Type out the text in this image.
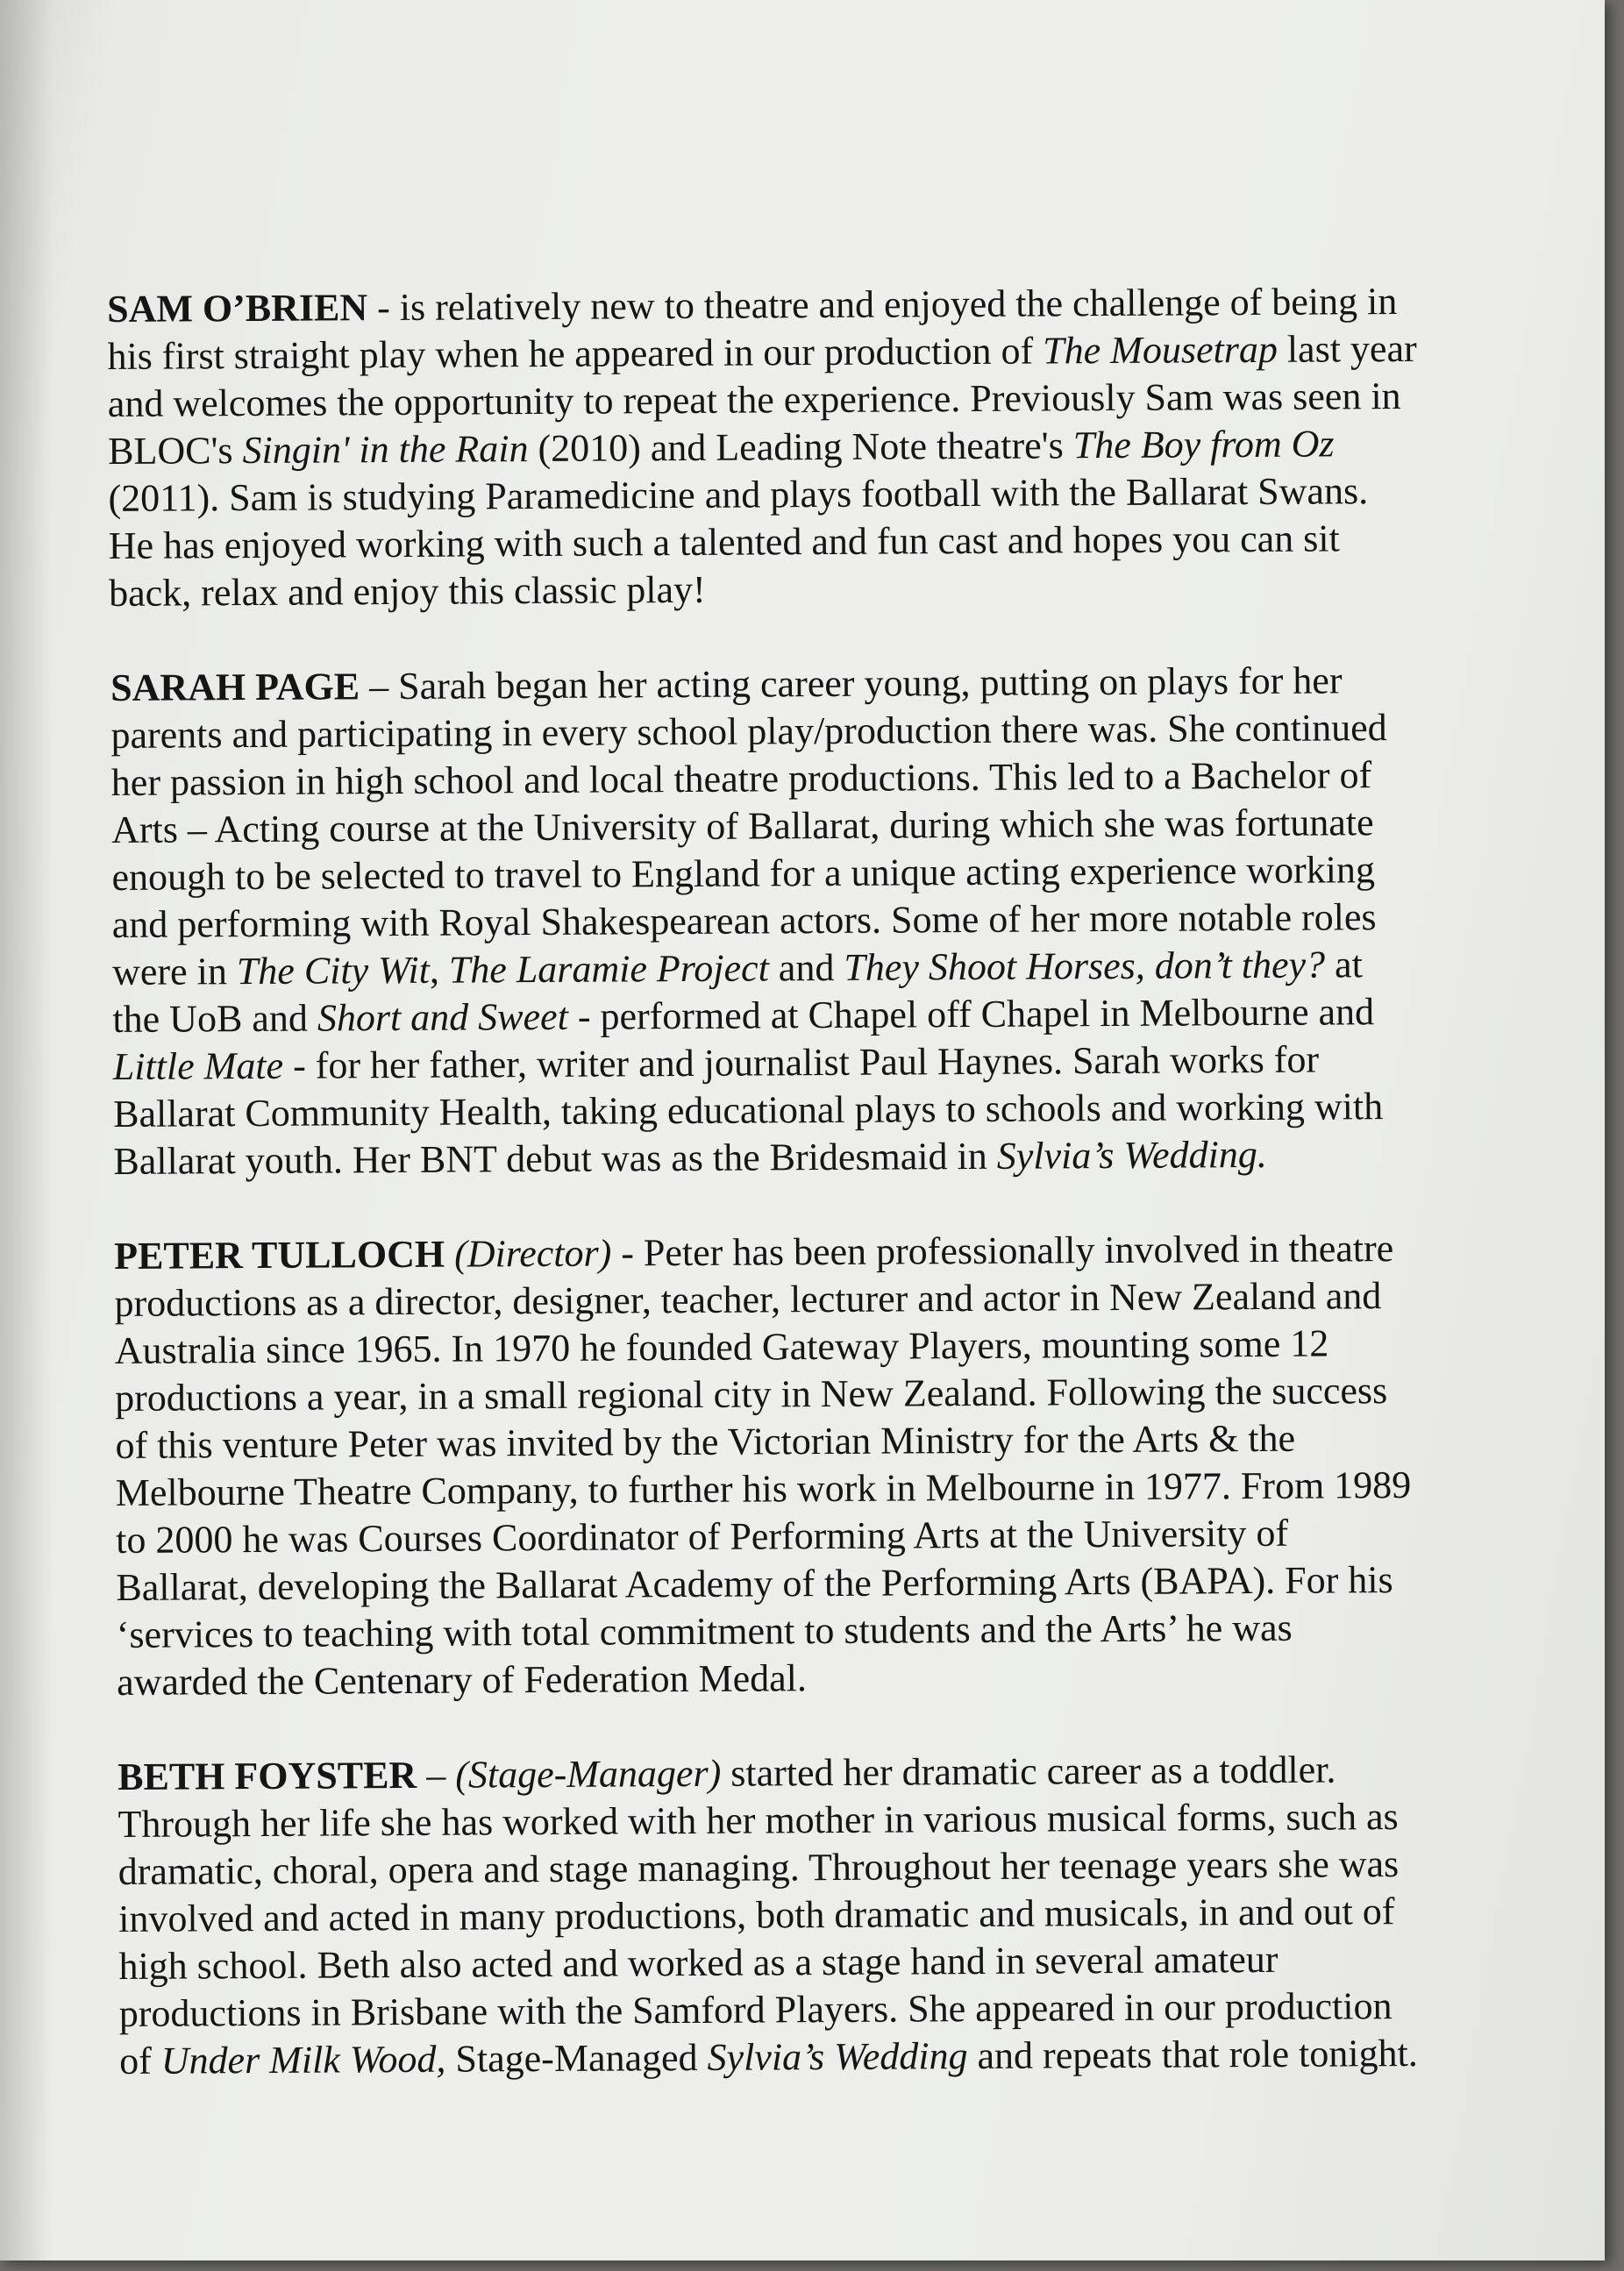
SAM O’BRIEN - is relatively new to theatre and enjoyed the challenge of being in
his first straight play when he appeared in our production of The Mousetrap last year
and welcomes the opportunity to repeat the experience. Previously Sam was seen in
BLOC's Singin' in the Rain (2010) and Leading Note theatre's The Boy from Oz
(2011). Sam is studying Paramedicine and plays football with the Ballarat Swans.
He has enjoyed working with such a talented and fun cast and hopes you can sit
back, relax and enjoy this classic play!
SARAH PAGE – Sarah began her acting career young, putting on plays for her
parents and participating in every school play/production there was. She continued
her passion in high school and local theatre productions. This led to a Bachelor of
Arts – Acting course at the University of Ballarat, during which she was fortunate
enough to be selected to travel to England for a unique acting experience working
and performing with Royal Shakespearean actors. Some of her more notable roles
were in The City Wit, The Laramie Project and They Shoot Horses, don’t they? at
the UoB and Short and Sweet - performed at Chapel off Chapel in Melbourne and
Little Mate - for her father, writer and journalist Paul Haynes. Sarah works for
Ballarat Community Health, taking educational plays to schools and working with
Ballarat youth. Her BNT debut was as the Bridesmaid in Sylvia’s Wedding.
PETER TULLOCH (Director) - Peter has been professionally involved in theatre
productions as a director, designer, teacher, lecturer and actor in New Zealand and
Australia since 1965. In 1970 he founded Gateway Players, mounting some 12
productions a year, in a small regional city in New Zealand. Following the success
of this venture Peter was invited by the Victorian Ministry for the Arts & the
Melbourne Theatre Company, to further his work in Melbourne in 1977. From 1989
to 2000 he was Courses Coordinator of Performing Arts at the University of
Ballarat, developing the Ballarat Academy of the Performing Arts (BAPA). For his
‘services to teaching with total commitment to students and the Arts’ he was
awarded the Centenary of Federation Medal.
BETH FOYSTER – (Stage-Manager) started her dramatic career as a toddler.
Through her life she has worked with her mother in various musical forms, such as
dramatic, choral, opera and stage managing. Throughout her teenage years she was
involved and acted in many productions, both dramatic and musicals, in and out of
high school. Beth also acted and worked as a stage hand in several amateur
productions in Brisbane with the Samford Players. She appeared in our production
of Under Milk Wood, Stage-Managed Sylvia’s Wedding and repeats that role tonight.
